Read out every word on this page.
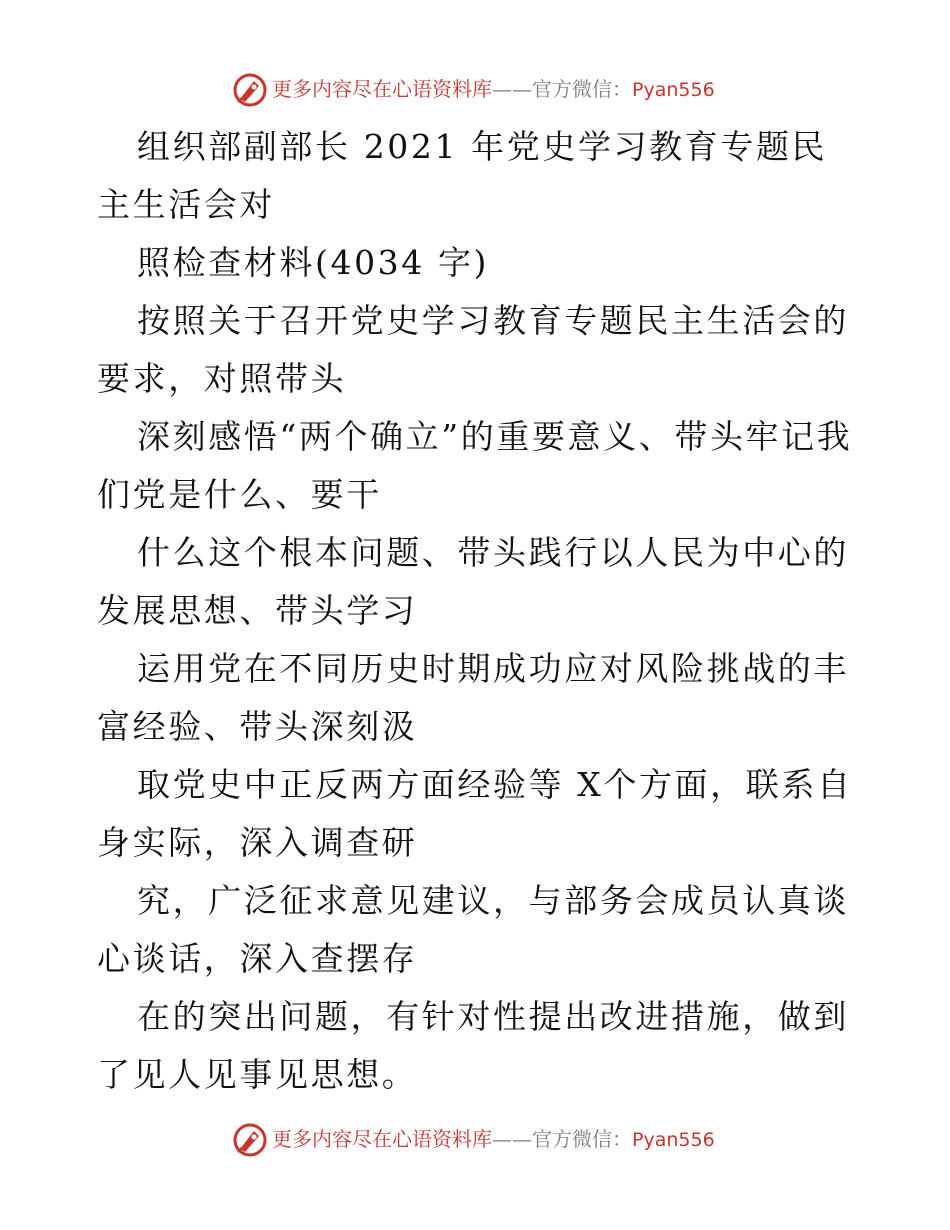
更多内容尽在心语资料库——官方微信：Pyan556

组织部副部长 2021 年党史学习教育专题民主生活会对

照检查材料(4034 字)

按照关于召开党史学习教育专题民主生活会的要求，对照带头

深刻感悟“两个确立”的重要意义、带头牢记我们党是什么、要干

什么这个根本问题、带头践行以人民为中心的发展思想、带头学习

运用党在不同历史时期成功应对风险挑战的丰富经验、带头深刻汲

取党史中正反两方面经验等 X个方面，联系自身实际，深入调查研

究，广泛征求意见建议，与部务会成员认真谈心谈话，深入查摆存

在的突出问题，有针对性提出改进措施，做到了见人见事见思想。

更多内容尽在心语资料库——官方微信：Pyan556
